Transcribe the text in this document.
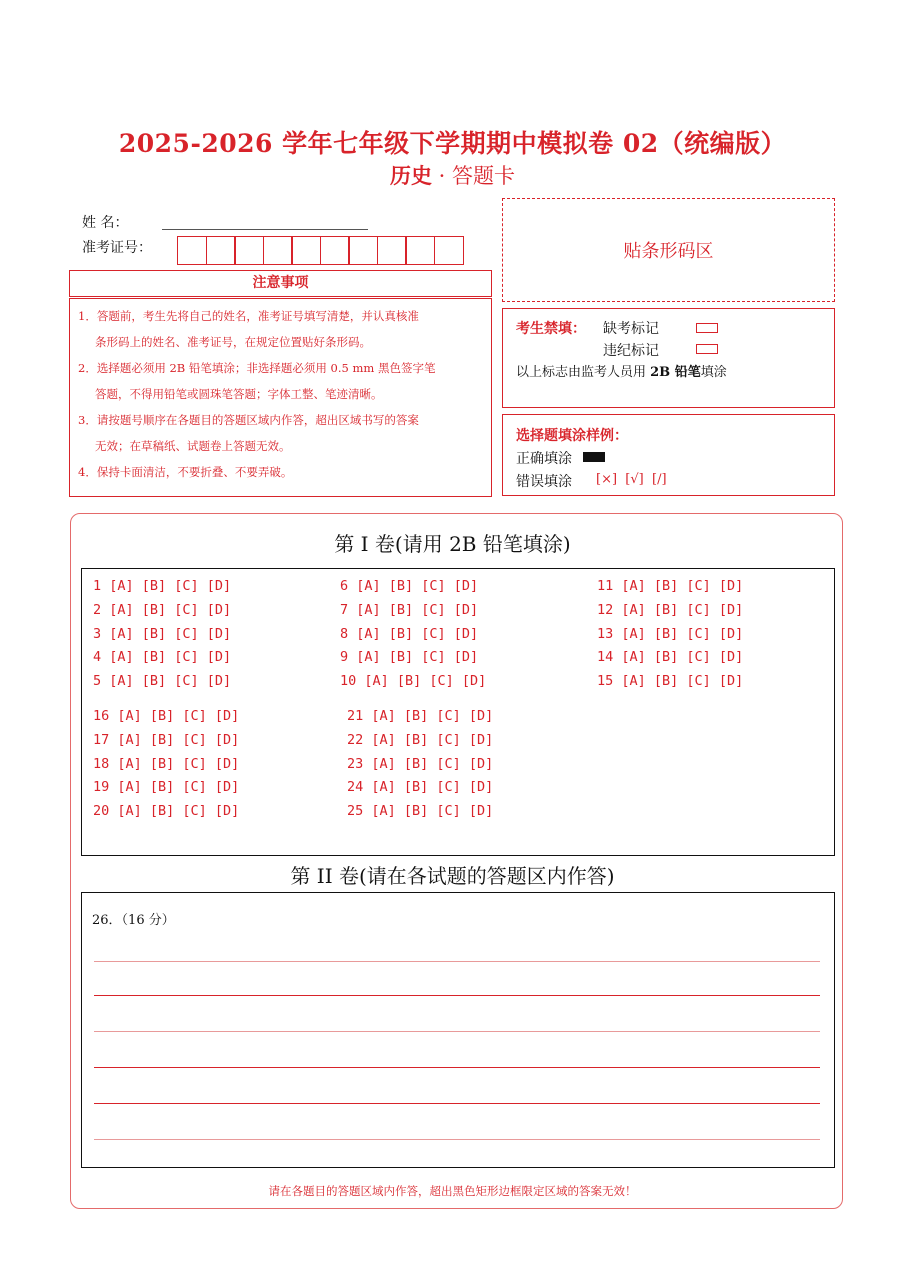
2025-2026 学年七年级下学期期中模拟卷 02（统编版）
历史 · 答题卡
姓 名：
准考证号：
注意事项

1．答题前，考生先将自己的姓名，准考证号填写清楚，并认真核准

条形码上的姓名、准考证号，在规定位置贴好条形码。

2．选择题必须用 2B 铅笔填涂；非选择题必须用 0.5 mm 黑色签字笔

答题，不得用铅笔或圆珠笔答题；字体工整、笔迹清晰。

3．请按题号顺序在各题目的答题区域内作答，超出区域书写的答案

无效；在草稿纸、试题卷上答题无效。

4．保持卡面清洁，不要折叠、不要弄破。

贴条形码区
考生禁填： 缺考标记
违纪标记
以上标志由监考人员用 2B 铅笔填涂
选择题填涂样例：
正确填涂
错误填涂 [×]  [√]  [/]
第 I 卷(请用 2B 铅笔填涂)
1 [A] [B] [C] [D]
2 [A] [B] [C] [D]
3 [A] [B] [C] [D]
4 [A] [B] [C] [D]
5 [A] [B] [C] [D]
6 [A] [B] [C] [D]
7 [A] [B] [C] [D]
8 [A] [B] [C] [D]
9 [A] [B] [C] [D]
10 [A] [B] [C] [D]
11 [A] [B] [C] [D]
12 [A] [B] [C] [D]
13 [A] [B] [C] [D]
14 [A] [B] [C] [D]
15 [A] [B] [C] [D]
16 [A] [B] [C] [D]
17 [A] [B] [C] [D]
18 [A] [B] [C] [D]
19 [A] [B] [C] [D]
20 [A] [B] [C] [D]
21 [A] [B] [C] [D]
22 [A] [B] [C] [D]
23 [A] [B] [C] [D]
24 [A] [B] [C] [D]
25 [A] [B] [C] [D]
第 II 卷(请在各试题的答题区内作答)
26．（16 分）
请在各题目的答题区域内作答，超出黑色矩形边框限定区域的答案无效！
